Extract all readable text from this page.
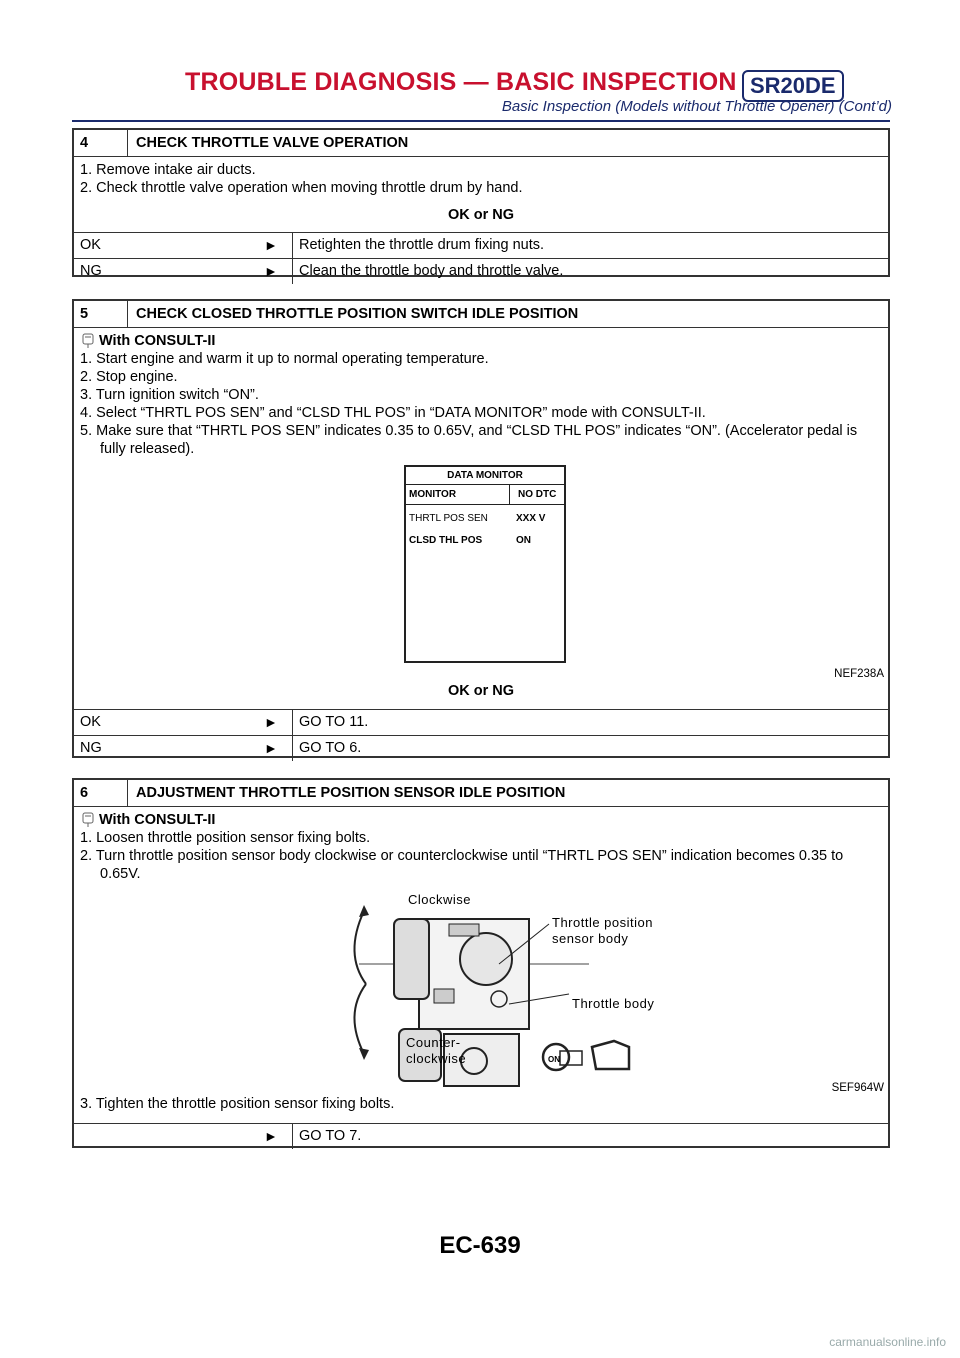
TROUBLE DIAGNOSIS — BASIC INSPECTION SR20DE
Basic Inspection (Models without Throttle Opener) (Cont’d)
4	CHECK THROTTLE VALVE OPERATION

1. Remove intake air ducts.

2. Check throttle valve operation when moving throttle drum by hand.

OK or NG

OK	►	Retighten the throttle drum fixing nuts.
NG	►	Clean the throttle body and throttle valve.
5	CHECK CLOSED THROTTLE POSITION SWITCH IDLE POSITION
With CONSULT-II

1. Start engine and warm it up to normal operating temperature.

2. Stop engine.

3. Turn ignition switch “ON”.

4. Select “THRTL POS SEN” and “CLSD THL POS” in “DATA MONITOR” mode with CONSULT-II.

5. Make sure that “THRTL POS SEN” indicates 0.35 to 0.65V, and “CLSD THL POS” indicates “ON”. (Accelerator pedal is

fully released).

DATA MONITOR
MONITOR	NO DTC
THRTL POS SEN	XXX V
CLSD THL POS	ON
NEF238A

OK or NG

OK	►	GO TO 11.
NG	►	GO TO 6.
6	ADJUSTMENT THROTTLE POSITION SENSOR IDLE POSITION
With CONSULT-II

1. Loosen throttle position sensor fixing bolts.

2. Turn throttle position sensor body clockwise or counterclockwise until “THRTL POS SEN” indication becomes 0.35 to

0.65V.

Clockwise
Counter-
clockwise
Throttle position
sensor body
Throttle body
ON
SEF964W

3. Tighten the throttle position sensor fixing bolts.

►	GO TO 7.
EC-639
carmanualsonline.info
